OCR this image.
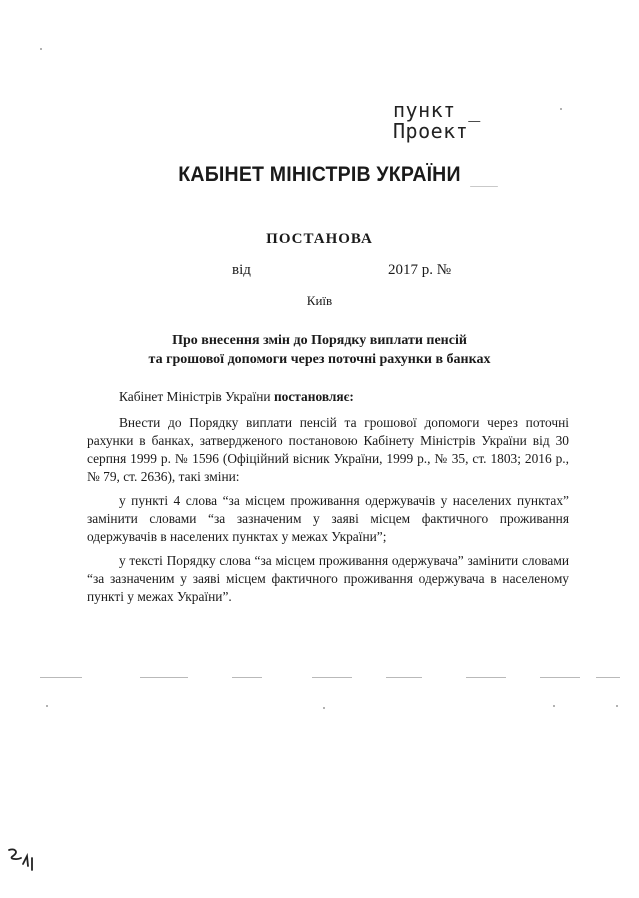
пункт _
Проект
КАБІНЕТ МІНІСТРІВ УКРАЇНИ
ПОСТАНОВА
від	2017 р. №
Київ
Про внесення змін до Порядку виплати пенсій
та грошової допомоги через поточні рахунки в банках

Кабінет Міністрів України постановляє:

Внести до Порядку виплати пенсій та грошової допомоги через поточні рахунки в банках, затвердженого постановою Кабінету Міністрів України від 30 серпня 1999 р. № 1596 (Офіційний вісник України, 1999 р., № 35, ст. 1803; 2016 р., № 79, ст. 2636), такі зміни:

у пункті 4 слова “за місцем проживання одержувачів у населених пунктах” замінити словами “за зазначеним у заяві місцем фактичного проживання одержувачів в населених пунктах у межах України”;

у тексті Порядку слова “за місцем проживання одержувача” замінити словами “за зазначеним у заяві місцем фактичного проживання одержувача в населеному пункті у межах України”.
